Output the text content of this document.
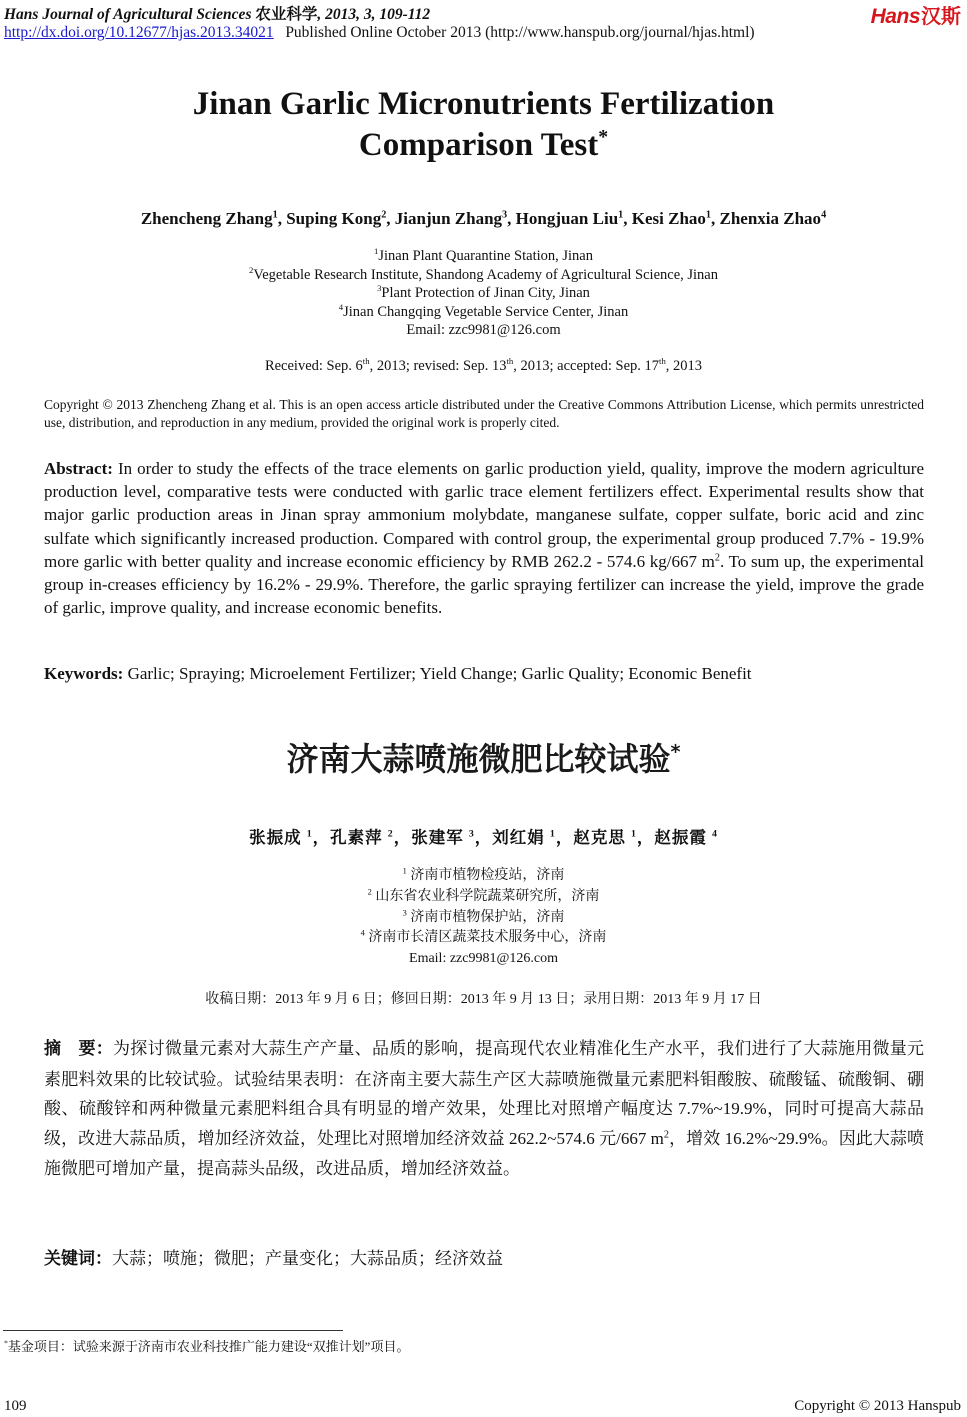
Hans Journal of Agricultural Sciences 农业科学, 2013, 3, 109-112	Hans汉斯
http://dx.doi.org/10.12677/hjas.2013.34021 Published Online October 2013 (http://www.hanspub.org/journal/hjas.html)
Jinan Garlic Micronutrients Fertilization
Comparison Test*
Zhencheng Zhang$^1$, Suping Kong$^2$, Jianjun Zhang$^3$, Hongjuan Liu$^1$, Kesi Zhao$^1$, Zhenxia Zhao$^4$
$^1$Jinan Plant Quarantine Station, Jinan
$^2$Vegetable Research Institute, Shandong Academy of Agricultural Science, Jinan
$^3$Plant Protection of Jinan City, Jinan
$^4$Jinan Changqing Vegetable Service Center, Jinan
Email: zzc9981@126.com
Received: Sep. 6th, 2013; revised: Sep. 13th, 2013; accepted: Sep. 17th, 2013
Copyright © 2013 Zhencheng Zhang et al. This is an open access article distributed under the Creative Commons Attribution License, which permits unrestricted use, distribution, and reproduction in any medium, provided the original work is properly cited.
Abstract: In order to study the effects of the trace elements on garlic production yield, quality, improve the modern agriculture production level, comparative tests were conducted with garlic trace element fertilizers effect. Experimental results show that major garlic production areas in Jinan spray ammonium molybdate, manganese sulfate, copper sulfate, boric acid and zinc sulfate which significantly increased production. Compared with control group, the experimental group produced 7.7% - 19.9% more garlic with better quality and increase economic efficiency by RMB 262.2 - 574.6 kg/667 $m^2$. To sum up, the experimental group in-creases efficiency by 16.2% - 29.9%. Therefore, the garlic spraying fertilizer can increase the yield, improve the grade of garlic, improve quality, and increase economic benefits.
Keywords: Garlic; Spraying; Microelement Fertilizer; Yield Change; Garlic Quality; Economic Benefit
济南大蒜喷施微肥比较试验*
张振成 $^1$，孔素萍 $^2$，张建军 $^3$，刘红娟 $^1$，赵克思 $^1$，赵振霞 $^4$
$^1$ 济南市植物检疫站，济南
$^2$ 山东省农业科学院蔬菜研究所，济南
$^3$ 济南市植物保护站，济南
$^4$ 济南市长清区蔬菜技术服务中心，济南
Email: zzc9981@126.com
收稿日期：2013 年 9 月 6 日；修回日期：2013 年 9 月 13 日；录用日期：2013 年 9 月 17 日
摘　要：为探讨微量元素对大蒜生产产量、品质的影响，提高现代农业精准化生产水平，我们进行了大蒜施用微量元素肥料效果的比较试验。试验结果表明：在济南主要大蒜生产区大蒜喷施微量元素肥料钼酸胺、硫酸锰、硫酸铜、硼酸、硫酸锌和两种微量元素肥料组合具有明显的增产效果，处理比对照增产幅度达 7.7%~19.9%，同时可提高大蒜品级，改进大蒜品质，增加经济效益，处理比对照增加经济效益 262.2~574.6 元/667 $m^2$，增效 16.2%~29.9%。因此大蒜喷施微肥可增加产量，提高蒜头品级，改进品质，增加经济效益。
关键词：大蒜；喷施；微肥；产量变化；大蒜品质；经济效益
*基金项目：试验来源于济南市农业科技推广能力建设“双推计划”项目。
109	Copyright © 2013 Hanspub
